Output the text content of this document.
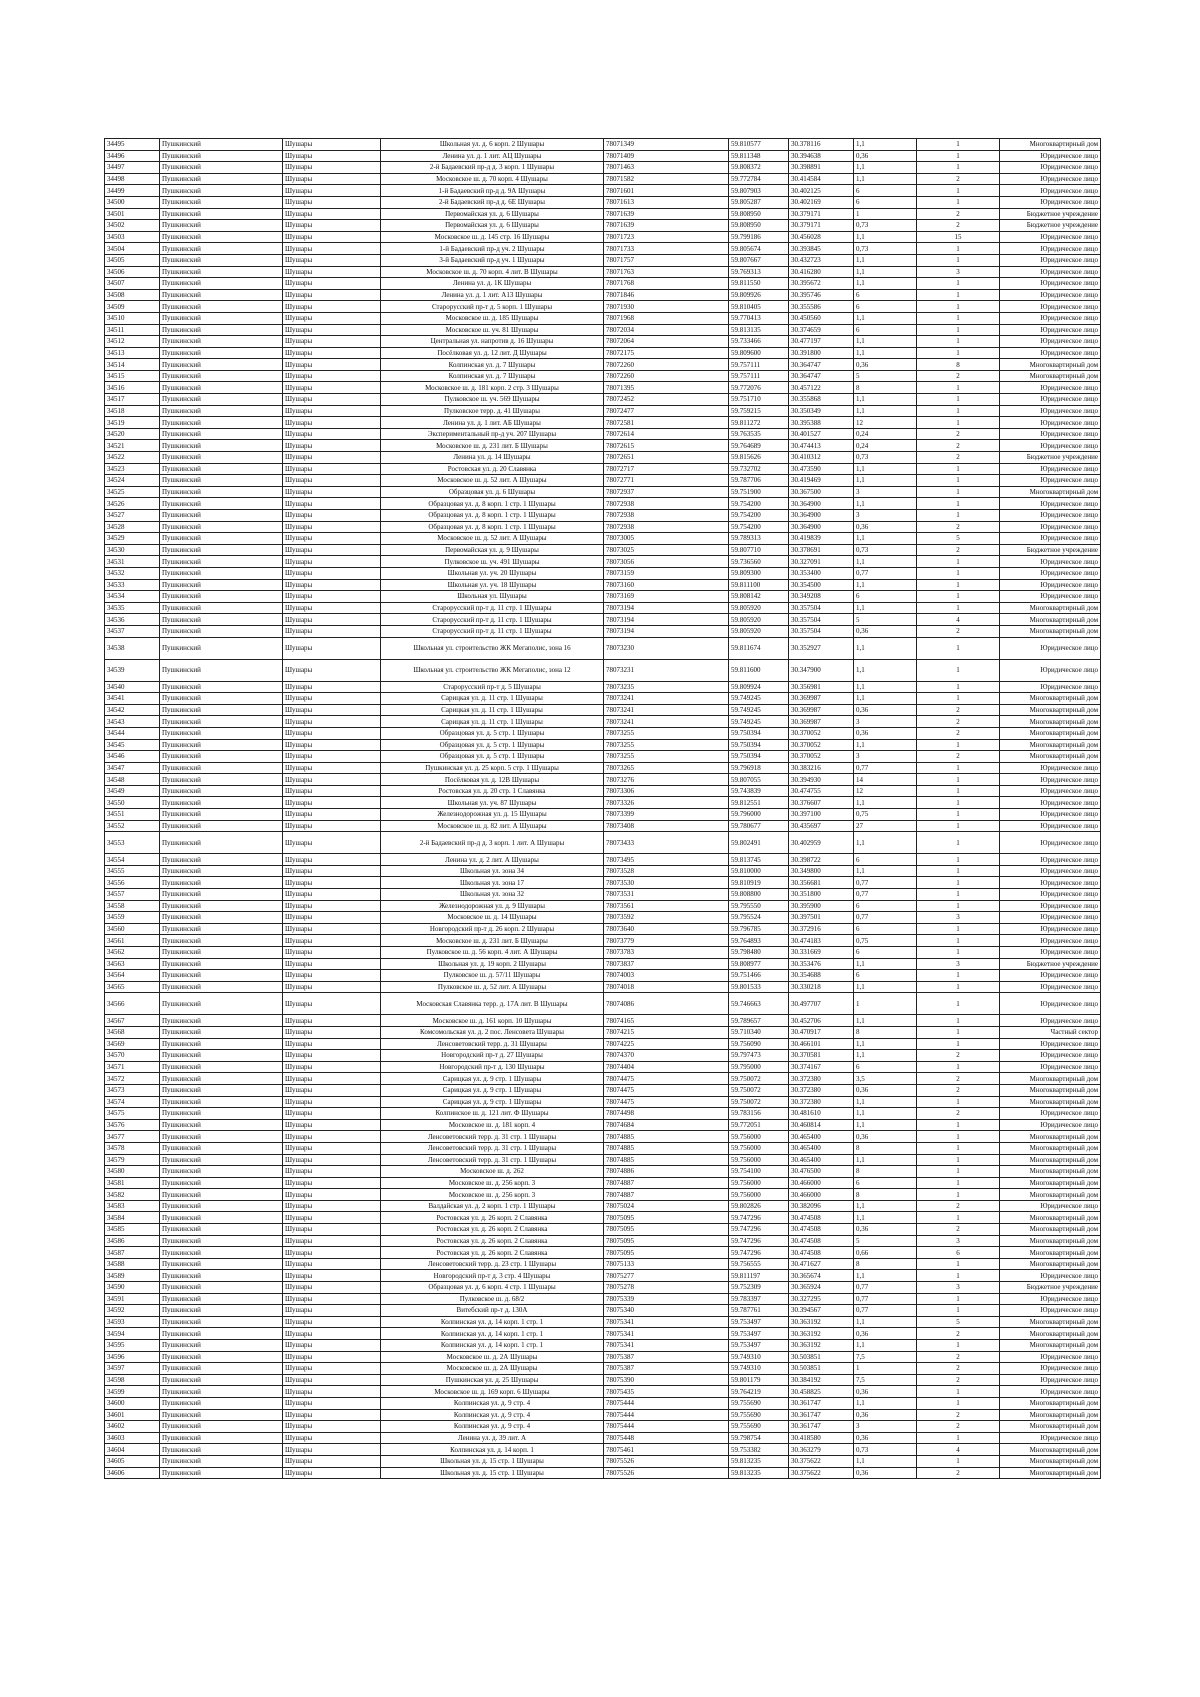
34495	Пушкинский	Шушары	Школьная ул. д. 6 корп. 2 Шушары	78071349	59.810577	30.378116	1,1	1	Многоквартирный дом
34496	Пушкинский	Шушары	Ленина ул. д. 1 лит. АЦ Шушары	78071409	59.811348	30.394638	0,36	1	Юридическое лицо
34497	Пушкинский	Шушары	2-й Бадаевский пр-д д. 3 корп. 1 Шушары	78071463	59.808372	30.398891	1,1	1	Юридическое лицо
34498	Пушкинский	Шушары	Московское ш. д. 70 корп. 4 Шушары	78071582	59.772784	30.414584	1,1	2	Юридическое лицо
34499	Пушкинский	Шушары	1-й Бадаевский пр-д д. 9А Шушары	78071601	59.807903	30.402125	6	1	Юридическое лицо
34500	Пушкинский	Шушары	2-й Бадаевский пр-д д. 6Е Шушары	78071613	59.805287	30.402169	6	1	Юридическое лицо
34501	Пушкинский	Шушары	Первомайская ул. д. 6 Шушары	78071639	59.808950	30.379171	1	2	Бюджетное учреждение
34502	Пушкинский	Шушары	Первомайская ул. д. 6 Шушары	78071639	59.808950	30.379171	0,73	2	Бюджетное учреждение
34503	Пушкинский	Шушары	Московское ш. д. 145 стр. 16 Шушары	78071723	59.799186	30.456028	1,1	15	Юридическое лицо
34504	Пушкинский	Шушары	1-й Бадаевский пр-д уч. 2 Шушары	78071733	59.805674	30.393845	0,73	1	Юридическое лицо
34505	Пушкинский	Шушары	3-й Бадаевский пр-д уч. 1 Шушары	78071757	59.807667	30.432723	1,1	1	Юридическое лицо
34506	Пушкинский	Шушары	Московское ш. д. 70 корп. 4 лит. В Шушары	78071763	59.769313	30.416280	1,1	3	Юридическое лицо
34507	Пушкинский	Шушары	Ленина ул. д. 1К Шушары	78071768	59.811550	30.395672	1,1	1	Юридическое лицо
34508	Пушкинский	Шушары	Ленина ул. д. 1 лит. А13 Шушары	78071846	59.809926	30.395746	6	1	Юридическое лицо
34509	Пушкинский	Шушары	Старорусский пр-т д. 5 корп. 1 Шушары	78071930	59.810405	30.355586	6	1	Юридическое лицо
34510	Пушкинский	Шушары	Московское ш. д. 185 Шушары	78071968	59.770413	30.450560	1,1	1	Юридическое лицо
34511	Пушкинский	Шушары	Московское ш. уч. 81 Шушары	78072034	59.813135	30.374659	6	1	Юридическое лицо
34512	Пушкинский	Шушары	Центральная ул. напротив д. 16 Шушары	78072064	59.733466	30.477197	1,1	1	Юридическое лицо
34513	Пушкинский	Шушары	Посёлковая ул. д. 12 лит. Д Шушары	78072175	59.809600	30.391800	1,1	1	Юридическое лицо
34514	Пушкинский	Шушары	Колпинская ул. д. 7 Шушары	78072260	59.757111	30.364747	0,36	8	Многоквартирный дом
34515	Пушкинский	Шушары	Колпинская ул. д. 7 Шушары	78072260	59.757111	30.364747	5	2	Многоквартирный дом
34516	Пушкинский	Шушары	Московское ш. д. 181 корп. 2 стр. 3 Шушары	78071395	59.772076	30.457122	8	1	Юридическое лицо
34517	Пушкинский	Шушары	Пулковское ш. уч. 569 Шушары	78072452	59.751710	30.355868	1,1	1	Юридическое лицо
34518	Пушкинский	Шушары	Пулковское терр. д. 41 Шушары	78072477	59.759215	30.350349	1,1	1	Юридическое лицо
34519	Пушкинский	Шушары	Ленина ул. д. 1 лит. АБ Шушары	78072581	59.811272	30.395388	12	1	Юридическое лицо
34520	Пушкинский	Шушары	Экспериментальный пр-д уч. 207 Шушары	78072614	59.763535	30.401527	0,24	2	Юридическое лицо
34521	Пушкинский	Шушары	Московское ш. д. 231 лит. Б Шушары	78072615	59.764689	30.474413	0,24	2	Юридическое лицо
34522	Пушкинский	Шушары	Ленина ул. д. 14 Шушары	78072651	59.815626	30.410312	0,73	2	Бюджетное учреждение
34523	Пушкинский	Шушары	Ростовская ул. д. 20 Славянка	78072717	59.732702	30.473590	1,1	1	Юридическое лицо
34524	Пушкинский	Шушары	Московское ш. д. 52 лит. А Шушары	78072771	59.787706	30.419469	1,1	1	Юридическое лицо
34525	Пушкинский	Шушары	Образцовая ул. д. 6 Шушары	78072937	59.751900	30.367500	3	1	Многоквартирный дом
34526	Пушкинский	Шушары	Образцовая ул. д. 8 корп. 1 стр. 1 Шушары	78072938	59.754200	30.364900	1,1	1	Юридическое лицо
34527	Пушкинский	Шушары	Образцовая ул. д. 8 корп. 1 стр. 1 Шушары	78072938	59.754200	30.364900	3	1	Юридическое лицо
34528	Пушкинский	Шушары	Образцовая ул. д. 8 корп. 1 стр. 1 Шушары	78072938	59.754200	30.364900	0,36	2	Юридическое лицо
34529	Пушкинский	Шушары	Московское ш. д. 52 лит. А Шушары	78073005	59.789313	30.419839	1,1	5	Юридическое лицо
34530	Пушкинский	Шушары	Первомайская ул. д. 9 Шушары	78073025	59.807710	30.378691	0,73	2	Бюджетное учреждение
34531	Пушкинский	Шушары	Пулковское ш. уч. 491 Шушары	78073056	59.736560	30.327091	1,1	1	Юридическое лицо
34532	Пушкинский	Шушары	Школьная ул. уч. 20 Шушары	78073159	59.809300	30.353400	0,77	1	Юридическое лицо
34533	Пушкинский	Шушары	Школьная ул. уч. 18 Шушары	78073160	59.811100	30.354500	1,1	1	Юридическое лицо
34534	Пушкинский	Шушары	Школьная ул. Шушары	78073169	59.808142	30.349208	6	1	Юридическое лицо
34535	Пушкинский	Шушары	Старорусский пр-т д. 11 стр. 1 Шушары	78073194	59.805920	30.357504	1,1	1	Многоквартирный дом
34536	Пушкинский	Шушары	Старорусский пр-т д. 11 стр. 1 Шушары	78073194	59.805920	30.357504	5	4	Многоквартирный дом
34537	Пушкинский	Шушары	Старорусский пр-т д. 11 стр. 1 Шушары	78073194	59.805920	30.357504	0,36	2	Многоквартирный дом
34538	Пушкинский	Шушары	Школьная ул. строительство ЖК Мегаполис, зона 16	78073230	59.811674	30.352927	1,1	1	Юридическое лицо
34539	Пушкинский	Шушары	Школьная ул. строительство ЖК Мегаполис, зона 12	78073231	59.811600	30.347900	1,1	1	Юридическое лицо
34540	Пушкинский	Шушары	Старорусский пр-т д. 5 Шушары	78073235	59.809924	30.356981	1,1	1	Юридическое лицо
34541	Пушкинский	Шушары	Сарицкая ул. д. 11 стр. 1 Шушары	78073241	59.749245	30.369987	1,1	1	Многоквартирный дом
34542	Пушкинский	Шушары	Сарицкая ул. д. 11 стр. 1 Шушары	78073241	59.749245	30.369987	0,36	2	Многоквартирный дом
34543	Пушкинский	Шушары	Сарицкая ул. д. 11 стр. 1 Шушары	78073241	59.749245	30.369987	3	2	Многоквартирный дом
34544	Пушкинский	Шушары	Образцовая ул. д. 5 стр. 1 Шушары	78073255	59.750394	30.370052	0,36	2	Многоквартирный дом
34545	Пушкинский	Шушары	Образцовая ул. д. 5 стр. 1 Шушары	78073255	59.750394	30.370052	1,1	1	Многоквартирный дом
34546	Пушкинский	Шушары	Образцовая ул. д. 5 стр. 1 Шушары	78073255	59.750394	30.370052	3	2	Многоквартирный дом
34547	Пушкинский	Шушары	Пушкинская ул. д. 25 корп. 5 стр. 1 Шушары	78073265	59.796918	30.383216	0,77	1	Юридическое лицо
34548	Пушкинский	Шушары	Посёлковая ул. д. 12В Шушары	78073276	59.807055	30.394930	14	1	Юридическое лицо
34549	Пушкинский	Шушары	Ростовская ул. д. 20 стр. 1 Славянка	78073306	59.743839	30.474755	12	1	Юридическое лицо
34550	Пушкинский	Шушары	Школьная ул. уч. 87 Шушары	78073326	59.812551	30.376607	1,1	1	Юридическое лицо
34551	Пушкинский	Шушары	Железнодорожная ул. д. 15 Шушары	78073399	59.796000	30.397100	0,75	1	Юридическое лицо
34552	Пушкинский	Шушары	Московское ш. д. 82 лит. А Шушары	78073408	59.780677	30.435697	27	1	Юридическое лицо
34553	Пушкинский	Шушары	2-й Бадаевский пр-д д. 3 корп. 1 лит. А Шушары	78073433	59.802491	30.402959	1,1	1	Юридическое лицо
34554	Пушкинский	Шушары	Ленина ул. д. 2 лит. А Шушары	78073495	59.813745	30.398722	6	1	Юридическое лицо
34555	Пушкинский	Шушары	Школьная ул. зона 34	78073528	59.810000	30.349800	1,1	1	Юридическое лицо
34556	Пушкинский	Шушары	Школьная ул. зона 17	78073530	59.810919	30.356681	0,77	1	Юридическое лицо
34557	Пушкинский	Шушары	Школьная ул. зона 32	78073531	59.808800	30.351800	0,77	1	Юридическое лицо
34558	Пушкинский	Шушары	Железнодорожная ул. д. 9 Шушары	78073561	59.795550	30.395900	6	1	Юридическое лицо
34559	Пушкинский	Шушары	Московское ш. д. 14 Шушары	78073592	59.795524	30.397501	0,77	3	Юридическое лицо
34560	Пушкинский	Шушары	Новгородский пр-т д. 26 корп. 2 Шушары	78073640	59.796785	30.372916	6	1	Юридическое лицо
34561	Пушкинский	Шушары	Московское ш. д. 231 лит. Б Шушары	78073779	59.764893	30.474183	0,75	1	Юридическое лицо
34562	Пушкинский	Шушары	Пулковское ш. д. 56 корп. 4 лит. А Шушары	78073783	59.798480	30.331669	6	1	Юридическое лицо
34563	Пушкинский	Шушары	Школьная ул. д. 19 корп. 2 Шушары	78073837	59.808977	30.353476	1,1	3	Бюджетное учреждение
34564	Пушкинский	Шушары	Пулковское ш. д. 57/11 Шушары	78074003	59.751466	30.354688	6	1	Юридическое лицо
34565	Пушкинский	Шушары	Пулковское ш. д. 52 лит. А Шушары	78074018	59.801533	30.330218	1,1	1	Юридическое лицо
34566	Пушкинский	Шушары	Московская Славянка терр. д. 17А лит. В Шушары	78074086	59.746663	30.497707	1	1	Юридическое лицо
34567	Пушкинский	Шушары	Московское ш. д. 161 корп. 10 Шушары	78074165	59.789657	30.452706	1,1	1	Юридическое лицо
34568	Пушкинский	Шушары	Комсомольская ул. д. 2 пос. Ленсовета Шушары	78074215	59.710340	30.470917	8	1	Частный сектор
34569	Пушкинский	Шушары	Ленсоветовский терр. д. 31 Шушары	78074225	59.756090	30.466101	1,1	1	Юридическое лицо
34570	Пушкинский	Шушары	Новгородский пр-т д. 27 Шушары	78074370	59.797473	30.370581	1,1	2	Юридическое лицо
34571	Пушкинский	Шушары	Новгородский пр-т д. 130 Шушары	78074404	59.795000	30.374167	6	1	Юридическое лицо
34572	Пушкинский	Шушары	Сарицкая ул. д. 9 стр. 1 Шушары	78074475	59.750072	30.372380	3,5	2	Многоквартирный дом
34573	Пушкинский	Шушары	Сарицкая ул. д. 9 стр. 1 Шушары	78074475	59.750072	30.372380	0,36	2	Многоквартирный дом
34574	Пушкинский	Шушары	Сарицкая ул. д. 9 стр. 1 Шушары	78074475	59.750072	30.372380	1,1	1	Многоквартирный дом
34575	Пушкинский	Шушары	Колпинское ш. д. 121 лит. Ф Шушары	78074498	59.783156	30.481610	1,1	2	Юридическое лицо
34576	Пушкинский	Шушары	Московское ш. д. 181 корп. 4	78074684	59.772051	30.460814	1,1	1	Юридическое лицо
34577	Пушкинский	Шушары	Ленсоветовский терр. д. 31 стр. 1 Шушары	78074885	59.756000	30.465400	0,36	1	Многоквартирный дом
34578	Пушкинский	Шушары	Ленсоветовский терр. д. 31 стр. 1 Шушары	78074885	59.756000	30.465400	8	1	Многоквартирный дом
34579	Пушкинский	Шушары	Ленсоветовский терр. д. 31 стр. 1 Шушары	78074885	59.756000	30.465400	1,1	1	Многоквартирный дом
34580	Пушкинский	Шушары	Московское ш. д. 262	78074886	59.754100	30.476500	8	1	Многоквартирный дом
34581	Пушкинский	Шушары	Московское ш. д. 256 корп. 3	78074887	59.756000	30.466000	6	1	Многоквартирный дом
34582	Пушкинский	Шушары	Московское ш. д. 256 корп. 3	78074887	59.756000	30.466000	8	1	Многоквартирный дом
34583	Пушкинский	Шушары	Валдайская ул. д. 2 корп. 1 стр. 1 Шушары	78075024	59.802826	30.382096	1,1	2	Юридическое лицо
34584	Пушкинский	Шушары	Ростовская ул. д. 26 корп. 2 Славянка	78075095	59.747296	30.474508	1,1	1	Многоквартирный дом
34585	Пушкинский	Шушары	Ростовская ул. д. 26 корп. 2 Славянка	78075095	59.747296	30.474508	0,36	2	Многоквартирный дом
34586	Пушкинский	Шушары	Ростовская ул. д. 26 корп. 2 Славянка	78075095	59.747296	30.474508	5	3	Многоквартирный дом
34587	Пушкинский	Шушары	Ростовская ул. д. 26 корп. 2 Славянка	78075095	59.747296	30.474508	0,66	6	Многоквартирный дом
34588	Пушкинский	Шушары	Ленсоветовский терр. д. 23 стр. 1 Шушары	78075133	59.756555	30.471627	8	1	Многоквартирный дом
34589	Пушкинский	Шушары	Новгородский пр-т д. 3 стр. 4 Шушары	78075277	59.811197	30.365674	1,1	1	Юридическое лицо
34590	Пушкинский	Шушары	Образцовая ул. д. 6 корп. 4 стр. 1 Шушары	78075278	59.752309	30.365924	0,77	3	Бюджетное учреждение
34591	Пушкинский	Шушары	Пулковское ш. д. 68/2	78075339	59.783397	30.327295	0,77	1	Юридическое лицо
34592	Пушкинский	Шушары	Витебский пр-т д. 130А	78075340	59.787761	30.394567	0,77	1	Юридическое лицо
34593	Пушкинский	Шушары	Колпинская ул. д. 14 корп. 1 стр. 1	78075341	59.753497	30.363192	1,1	5	Многоквартирный дом
34594	Пушкинский	Шушары	Колпинская ул. д. 14 корп. 1 стр. 1	78075341	59.753497	30.363192	0,36	2	Многоквартирный дом
34595	Пушкинский	Шушары	Колпинская ул. д. 14 корп. 1 стр. 1	78075341	59.753497	30.363192	1,1	1	Многоквартирный дом
34596	Пушкинский	Шушары	Московское ш. д. 2А Шушары	78075387	59.749310	30.503851	7,5	2	Юридическое лицо
34597	Пушкинский	Шушары	Московское ш. д. 2А Шушары	78075387	59.749310	30.503851	1	2	Юридическое лицо
34598	Пушкинский	Шушары	Пушкинская ул. д. 25 Шушары	78075390	59.801179	30.384192	7,5	2	Юридическое лицо
34599	Пушкинский	Шушары	Московское ш. д. 169 корп. 6 Шушары	78075435	59.764219	30.458825	0,36	1	Юридическое лицо
34600	Пушкинский	Шушары	Колпинская ул. д. 9 стр. 4	78075444	59.755690	30.361747	1,1	1	Многоквартирный дом
34601	Пушкинский	Шушары	Колпинская ул. д. 9 стр. 4	78075444	59.755690	30.361747	0,36	2	Многоквартирный дом
34602	Пушкинский	Шушары	Колпинская ул. д. 9 стр. 4	78075444	59.755690	30.361747	3	2	Многоквартирный дом
34603	Пушкинский	Шушары	Ленина ул. д. 39 лит. А	78075448	59.798754	30.418580	0,36	1	Юридическое лицо
34604	Пушкинский	Шушары	Колпинская ул. д. 14 корп. 1	78075461	59.753382	30.363279	0,73	4	Многоквартирный дом
34605	Пушкинский	Шушары	Школьная ул. д. 15 стр. 1 Шушары	78075526	59.813235	30.375622	1,1	1	Многоквартирный дом
34606	Пушкинский	Шушары	Школьная ул. д. 15 стр. 1 Шушары	78075526	59.813235	30.375622	0,36	2	Многоквартирный дом
